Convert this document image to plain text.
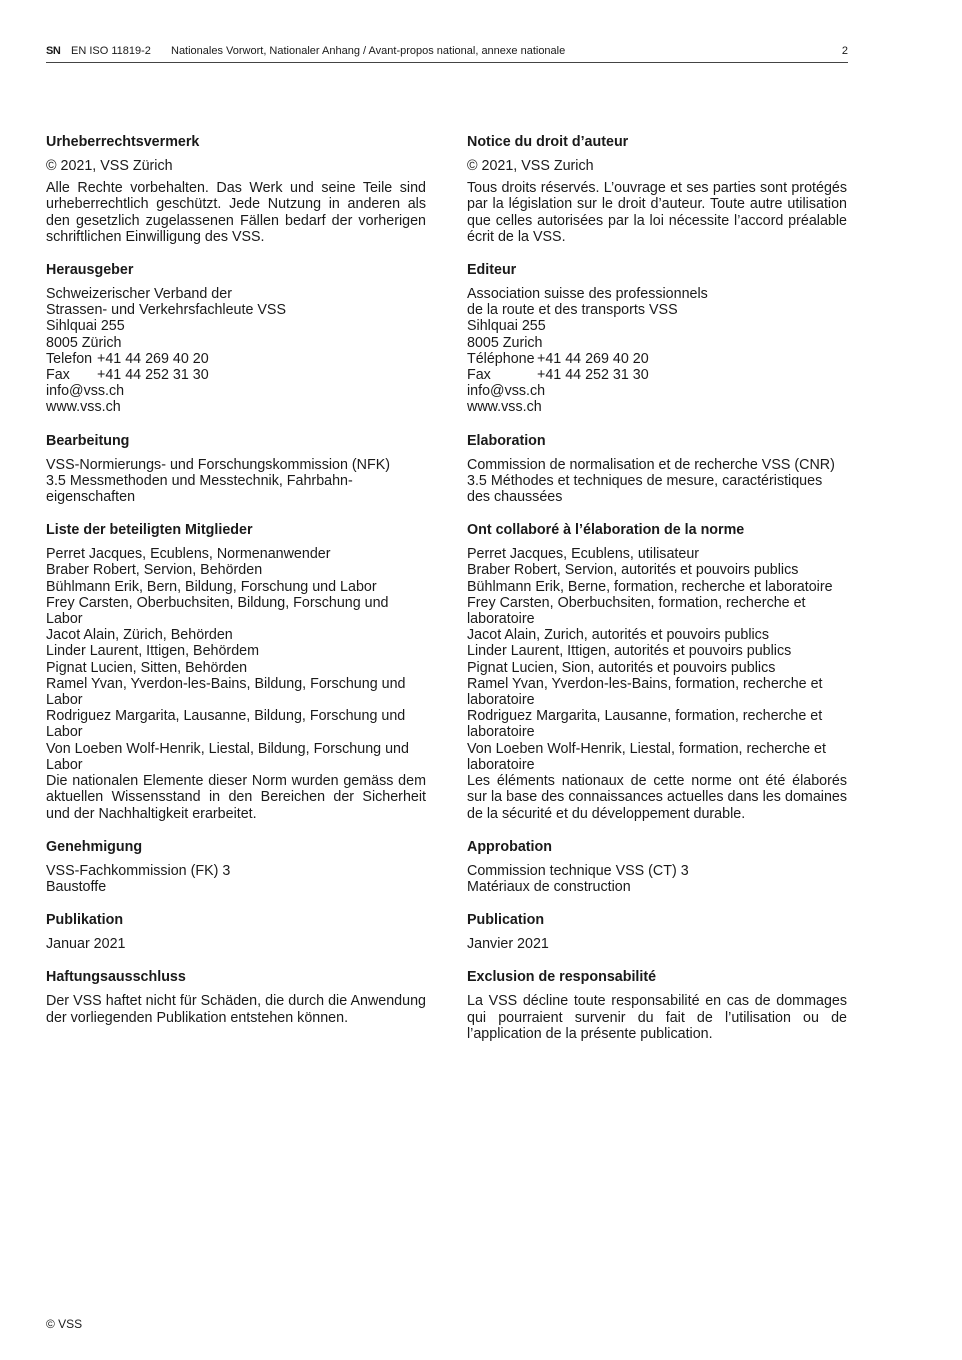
SN EN ISO 11819-2 Nationales Vorwort, Nationaler Anhang / Avant-propos national, annexe nationale	2
Urheberrechtsvermerk

© 2021, VSS Zürich

Alle Rechte vorbehalten. Das Werk und seine Teile sind urheberrechtlich geschützt. Jede Nutzung in anderen als den gesetzlich zugelassenen Fällen bedarf der vorherigen schriftlichen Einwilligung des VSS.

Herausgeber
Schweizerischer Verband der
Strassen- und Verkehrsfachleute VSS
Sihlquai 255
8005 Zürich
Telefon +41 44 269 40 20
Fax +41 44 252 31 30
info@vss.ch
www.vss.ch
Bearbeitung
VSS-Normierungs- und Forschungskommission (NFK)
3.5 Messmethoden und Messtechnik, Fahrbahn-
eigenschaften
Liste der beteiligten Mitglieder
Perret Jacques, Ecublens, Normenanwender
Braber Robert, Servion, Behörden
Bühlmann Erik, Bern, Bildung, Forschung und Labor
Frey Carsten, Oberbuchsiten, Bildung, Forschung und Labor
Jacot Alain, Zürich, Behörden
Linder Laurent, Ittigen, Behördem
Pignat Lucien, Sitten, Behörden
Ramel Yvan, Yverdon-les-Bains, Bildung, Forschung und Labor
Rodriguez Margarita, Lausanne, Bildung, Forschung und Labor
Von Loeben Wolf-Henrik, Liestal, Bildung, Forschung und Labor

Die nationalen Elemente dieser Norm wurden gemäss dem aktuellen Wissensstand in den Bereichen der Sicherheit und der Nachhaltigkeit erarbeitet.

Genehmigung
VSS-Fachkommission (FK) 3
Baustoffe
Publikation
Januar 2021
Haftungsausschluss

Der VSS haftet nicht für Schäden, die durch die Anwendung der vorliegenden Publikation entstehen können.

Notice du droit d’auteur

© 2021, VSS Zurich

Tous droits réservés. L’ouvrage et ses parties sont protégés par la législation sur le droit d’auteur. Toute autre utilisation que celles autorisées par la loi nécessite l’accord préalable écrit de la VSS.

Editeur
Association suisse des professionnels
de la route et des transports VSS
Sihlquai 255
8005 Zurich
Téléphone +41 44 269 40 20
Fax	+41 44 252 31 30
info@vss.ch
www.vss.ch
Elaboration
Commission de normalisation et de recherche VSS (CNR)
3.5 Méthodes et techniques de mesure, caractéristiques
des chaussées
Ont collaboré à l’élaboration de la norme
Perret Jacques, Ecublens, utilisateur
Braber Robert, Servion, autorités et pouvoirs publics
Bühlmann Erik, Berne, formation, recherche et laboratoire
Frey Carsten, Oberbuchsiten, formation, recherche et laboratoire
Jacot Alain, Zurich, autorités et pouvoirs publics
Linder Laurent, Ittigen, autorités et pouvoirs publics
Pignat Lucien, Sion, autorités et pouvoirs publics
Ramel Yvan, Yverdon-les-Bains, formation, recherche et laboratoire
Rodriguez Margarita, Lausanne, formation, recherche et laboratoire
Von Loeben Wolf-Henrik, Liestal, formation, recherche et laboratoire

Les éléments nationaux de cette norme ont été élaborés sur la base des connaissances actuelles dans les domaines de la sécurité et du développement durable.

Approbation
Commission technique VSS (CT) 3
Matériaux de construction
Publication
Janvier 2021
Exclusion de responsabilité

La VSS décline toute responsabilité en cas de dommages qui pourraient survenir du fait de l’utilisation ou de l’application de la présente publication.

© VSS
